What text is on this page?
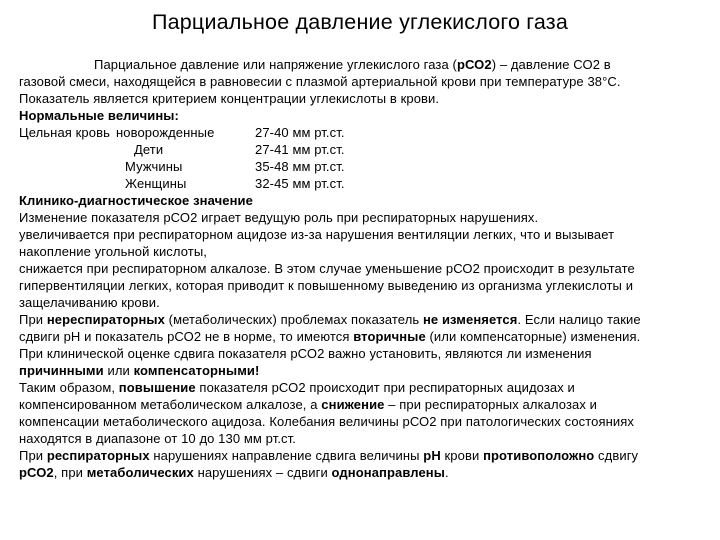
Парциальное давление углекислого газа
Парциальное давление или напряжение углекислого газа (рСО2) – давление СО2 в
газовой смеси, находящейся в равновесии с плазмой артериальной крови при температуре 38°С.
Показатель является критерием концентрации углекислоты в крови.
Нормальные величины:
Цельная кровь новорожденные	27-40 мм рт.ст.
Дети	27-41 мм рт.ст.
Мужчины	35-48 мм рт.ст.
Женщины	32-45 мм рт.ст.
Клинико-диагностическое значение
Изменение показателя рСО2 играет ведущую роль при респираторных нарушениях.
увеличивается при респираторном ацидозе из-за нарушения вентиляции легких, что и вызывает
накопление угольной кислоты,
снижается при респираторном алкалозе. В этом случае уменьшение рСО2 происходит в результате
гипервентиляции легких, которая приводит к повышенному выведению из организма углекислоты и
защелачиванию крови.
При нереспираторных (метаболических) проблемах показатель не изменяется. Если налицо такие
сдвиги рН и показатель рСО2 не в норме, то имеются вторичные (или компенсаторные) изменения.
При клинической оценке сдвига показателя рСО2 важно установить, являются ли изменения
причинными или компенсаторными!
Таким образом, повышение показателя рСО2 происходит при респираторных ацидозах и
компенсированном метаболическом алкалозе, а снижение – при респираторных алкалозах и
компенсации метаболического ацидоза. Колебания величины рСО2 при патологических состояниях
находятся в диапазоне от 10 до 130 мм рт.ст.
При респираторных нарушениях направление сдвига величины рН крови противоположно сдвигу
рСО2, при метаболических нарушениях – сдвиги однонаправлены.
